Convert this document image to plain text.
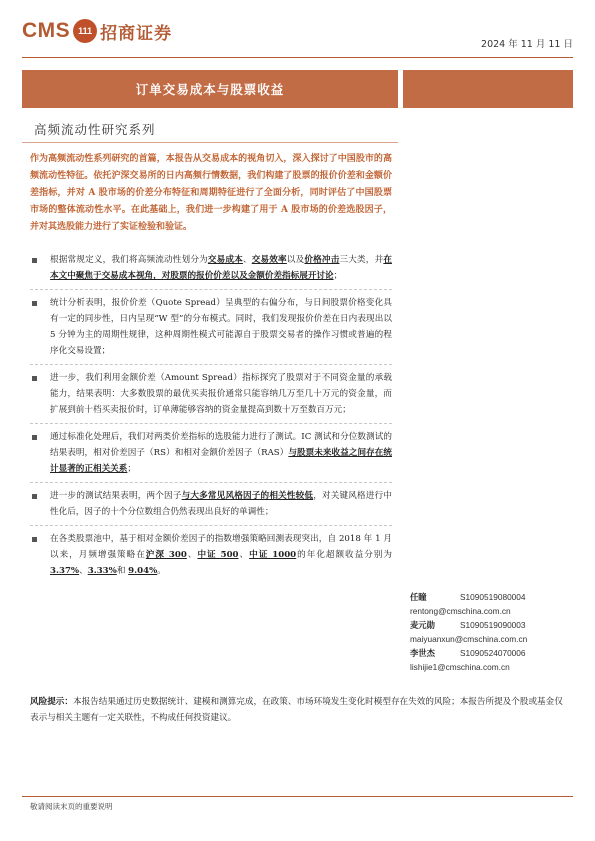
CMS 111 招商证券
2024 年 11 月 11 日
订单交易成本与股票收益
高频流动性研究系列
作为高频流动性系列研究的首篇，本报告从交易成本的视角切入，深入探讨了中国股市的高频流动性特征。依托沪深交易所的日内高频行情数据，我们构建了股票的报价价差和金额价差指标，并对 A 股市场的价差分布特征和周期特征进行了全面分析，同时评估了中国股票市场的整体流动性水平。在此基础上，我们进一步构建了用于 A 股市场的价差选股因子，并对其选股能力进行了实证检验和验证。
根据常规定义，我们将高频流动性划分为交易成本、交易效率以及价格冲击三大类，并在本文中聚焦于交易成本视角，对股票的报价价差以及金额价差指标展开讨论；
统计分析表明，报价价差（Quote Spread）呈典型的右偏分布，与日间股票价格变化具有一定的同步性，日内呈现“W 型”的分布模式。同时，我们发现报价价差在日内表现出以 5 分钟为主的周期性规律，这种周期性模式可能源自于股票交易者的操作习惯或普遍的程序化交易设置；
进一步，我们利用金额价差（Amount Spread）指标探究了股票对于不同资金量的承载能力，结果表明：大多数股票的最优买卖报价通常只能容纳几万至几十万元的资金量，而扩展到前十档买卖报价时，订单薄能够容纳的资金量提高到数十万至数百万元；
通过标准化处理后，我们对两类价差指标的选股能力进行了测试。IC 测试和分位数测试的结果表明，相对价差因子（RS）和相对金额价差因子（RAS）与股票未来收益之间存在统计显著的正相关关系；
进一步的测试结果表明，两个因子与大多常见风格因子的相关性较低，对关键风格进行中性化后，因子的十个分位数组合仍然表现出良好的单调性；
在各类股票池中，基于相对金额价差因子的指数增强策略回测表现突出，自 2018 年 1 月以来，月频增强策略在沪深 300、中证 500、中证 1000的年化超额收益分别为 3.37%、3.33%和 9.04%。
任瞳	S1090519080004
rentong@cmschina.com.cn
麦元勋	S1090519090003
maiyuanxun@cmschina.com.cn
李世杰	S1090524070006
lishijie1@cmschina.com.cn
风险提示：本报告结果通过历史数据统计、建模和测算完成，在政策、市场环境发生变化时模型存在失效的风险；本报告所提及个股或基金仅表示与相关主题有一定关联性，不构成任何投资建议。
敬请阅读末页的重要说明
